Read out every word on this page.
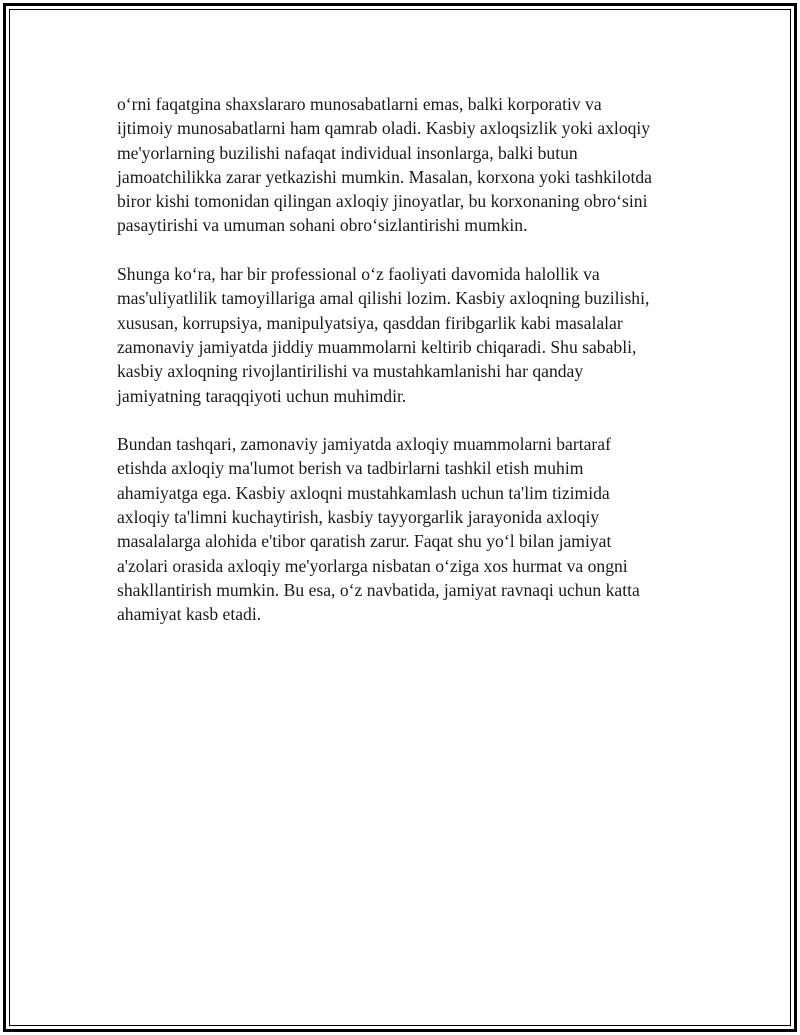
o‘rni faqatgina shaxslararo munosabatlarni emas, balki korporativ va
ijtimoiy munosabatlarni ham qamrab oladi. Kasbiy axloqsizlik yoki axloqiy
me'yorlarning buzilishi nafaqat individual insonlarga, balki butun
jamoatchilikka zarar yetkazishi mumkin. Masalan, korxona yoki tashkilotda
biror kishi tomonidan qilingan axloqiy jinoyatlar, bu korxonaning obro‘sini
pasaytirishi va umuman sohani obro‘sizlantirishi mumkin.

Shunga ko‘ra, har bir professional o‘z faoliyati davomida halollik va
mas'uliyatlilik tamoyillariga amal qilishi lozim. Kasbiy axloqning buzilishi,
xususan, korrupsiya, manipulyatsiya, qasddan firibgarlik kabi masalalar
zamonaviy jamiyatda jiddiy muammolarni keltirib chiqaradi. Shu sababli,
kasbiy axloqning rivojlantirilishi va mustahkamlanishi har qanday
jamiyatning taraqqiyoti uchun muhimdir.

Bundan tashqari, zamonaviy jamiyatda axloqiy muammolarni bartaraf
etishda axloqiy ma'lumot berish va tadbirlarni tashkil etish muhim
ahamiyatga ega. Kasbiy axloqni mustahkamlash uchun ta'lim tizimida
axloqiy ta'limni kuchaytirish, kasbiy tayyorgarlik jarayonida axloqiy
masalalarga alohida e'tibor qaratish zarur. Faqat shu yo‘l bilan jamiyat
a'zolari orasida axloqiy me'yorlarga nisbatan o‘ziga xos hurmat va ongni
shakllantirish mumkin. Bu esa, o‘z navbatida, jamiyat ravnaqi uchun katta
ahamiyat kasb etadi.
